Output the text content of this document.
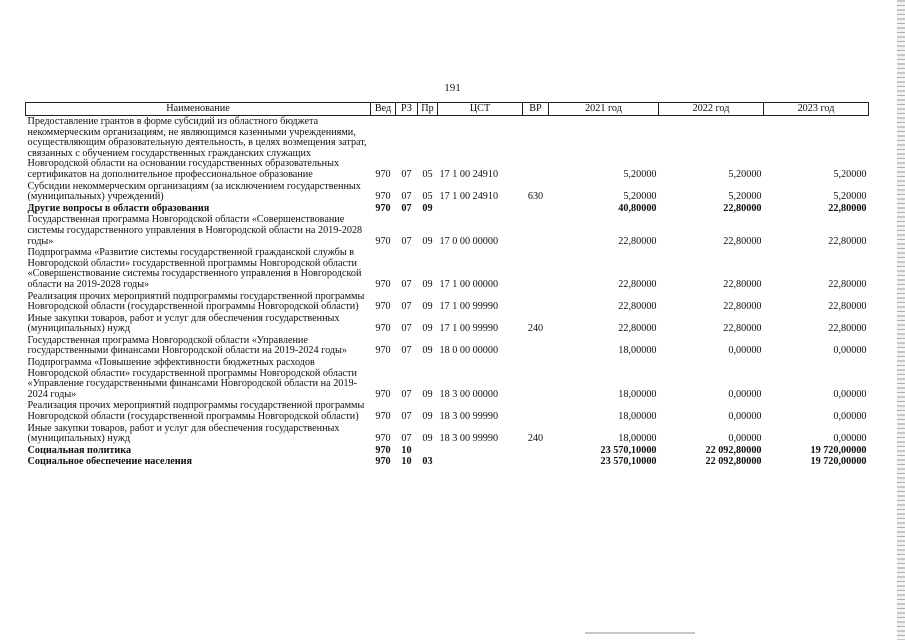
191
Наименование	Вед	РЗ	Пр	ЦСТ	ВР	2021 год	2022 год	2023 год
Предоставление грантов в форме субсидий из областного бюджета некоммерческим организациям, не являющимся казенными учреждениями, осуществляющим образовательную деятельность, в целях возмещения затрат, связанных с обучением государственных гражданских служащих Новгородской области на основании государственных образовательных сертификатов на дополнительное профессиональное образование	970	07	05	17 1 00 24910		5,20000	5,20000	5,20000
Субсидии некоммерческим организациям (за исключением государственных (муниципальных) учреждений)	970	07	05	17 1 00 24910	630	5,20000	5,20000	5,20000
Другие вопросы в области образования	970	07	09			40,80000	22,80000	22,80000
Государственная программа Новгородской области «Совершенствование системы государственного управления в Новгородской области на 2019-2028 годы»	970	07	09	17 0 00 00000		22,80000	22,80000	22,80000
Подпрограмма «Развитие системы государственной гражданской службы в Новгородской области» государственной программы Новгородской области «Совершенствование системы государственного управления в Новгородской области на 2019-2028 годы»	970	07	09	17 1 00 00000		22,80000	22,80000	22,80000
Реализация прочих мероприятий подпрограммы государственной программы Новгородской области (государственной программы Новгородской области)	970	07	09	17 1 00 99990		22,80000	22,80000	22,80000
Иные закупки товаров, работ и услуг для обеспечения государственных (муниципальных) нужд	970	07	09	17 1 00 99990	240	22,80000	22,80000	22,80000
Государственная программа Новгородской области «Управление государственными финансами Новгородской области на 2019-2024 годы»	970	07	09	18 0 00 00000		18,00000	0,00000	0,00000
Подпрограмма «Повышение эффективности бюджетных расходов Новгородской области» государственной программы Новгородской области «Управление государственными финансами Новгородской области на 2019-2024 годы»	970	07	09	18 3 00 00000		18,00000	0,00000	0,00000
Реализация прочих мероприятий подпрограммы государственной программы Новгородской области (государственной программы Новгородской области)	970	07	09	18 3 00 99990		18,00000	0,00000	0,00000
Иные закупки товаров, работ и услуг для обеспечения государственных (муниципальных) нужд	970	07	09	18 3 00 99990	240	18,00000	0,00000	0,00000
Социальная политика	970	10				23 570,10000	22 092,80000	19 720,00000
Социальное обеспечение населения	970	10	03			23 570,10000	22 092,80000	19 720,00000
